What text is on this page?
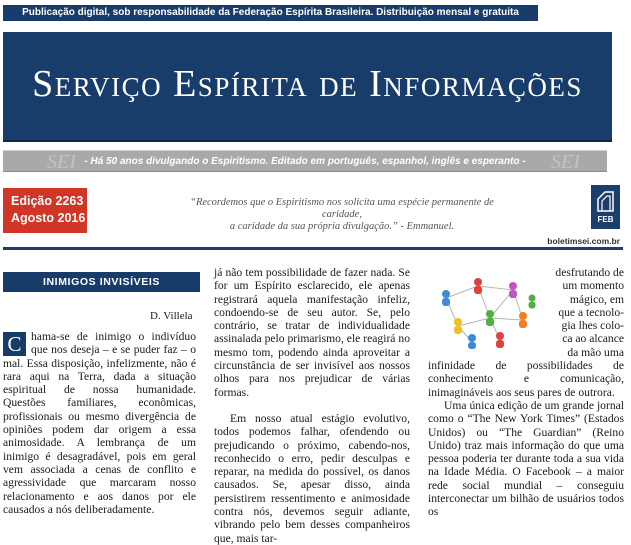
Publicação digital, sob responsabilidade da Federação Espírita Brasileira. Distribuição mensal e gratuita
Serviço Espírita de Informações
SEI	SEI
- Há 50 anos divulgando o Espiritismo. Editado em português, espanhol, inglês e esperanto -
Edição 2263
Agosto 2016
“Recordemos que o Espiritismo nos solicita uma espécie permanente de caridade,
a caridade da sua própria divulgação.” - Emmanuel.
FEB
boletimsei.com.br
INIMIGOS INVISÍVEIS
D. Villela
C hama-se de inimigo o indivíduo que nos deseja – e se puder faz – o mal. Essa disposição, infelizmente, não é rara aqui na Terra, dada a situação espiritual de nossa humanidade. Questões familiares, econômicas, profissionais ou mesmo divergência de opiniões podem dar origem a essa animosidade. A lembrança de um inimigo é desagradável, pois em geral vem associada a cenas de conflito e agressividade que marcaram nosso relacionamento e aos danos por ele causados a nós deliberadamente.

já não tem possibilidade de fazer nada. Se for um Espírito esclarecido, ele apenas registrará aquela manifestação infeliz, condoendo-se de seu autor. Se, pelo contrário, se tratar de individualidade assinalada pelo primarismo, ele reagirá no mesmo tom, podendo ainda aproveitar a circunstância de ser invisível aos nossos olhos para nos prejudicar de várias formas.

Em nosso atual estágio evolutivo, todos podemos falhar, ofendendo ou prejudicando o próximo, cabendo-nos, reconhecido o erro, pedir desculpas e reparar, na medida do possível, os danos causados. Se, apesar disso, ainda persistirem ressentimento e animosidade contra nós, devemos seguir adiante, vibrando pelo bem desses companheiros que, mais tar-

desfrutando de
um momento
mágico, em
que a tecnolo-
gia lhes colo-
ca ao alcance
da mão uma

infinidade de possibilidades de conhecimento e comunicação, inimagináveis aos seus pares de outrora.

Uma única edição de um grande jornal como o “The New York Times” (Estados Unidos) ou “The Guardian” (Reino Unido) traz mais informação do que uma pessoa poderia ter durante toda a sua vida na Idade Média. O Facebook – a maior rede social mundial – conseguiu interconectar um bilhão de usuários todos os
